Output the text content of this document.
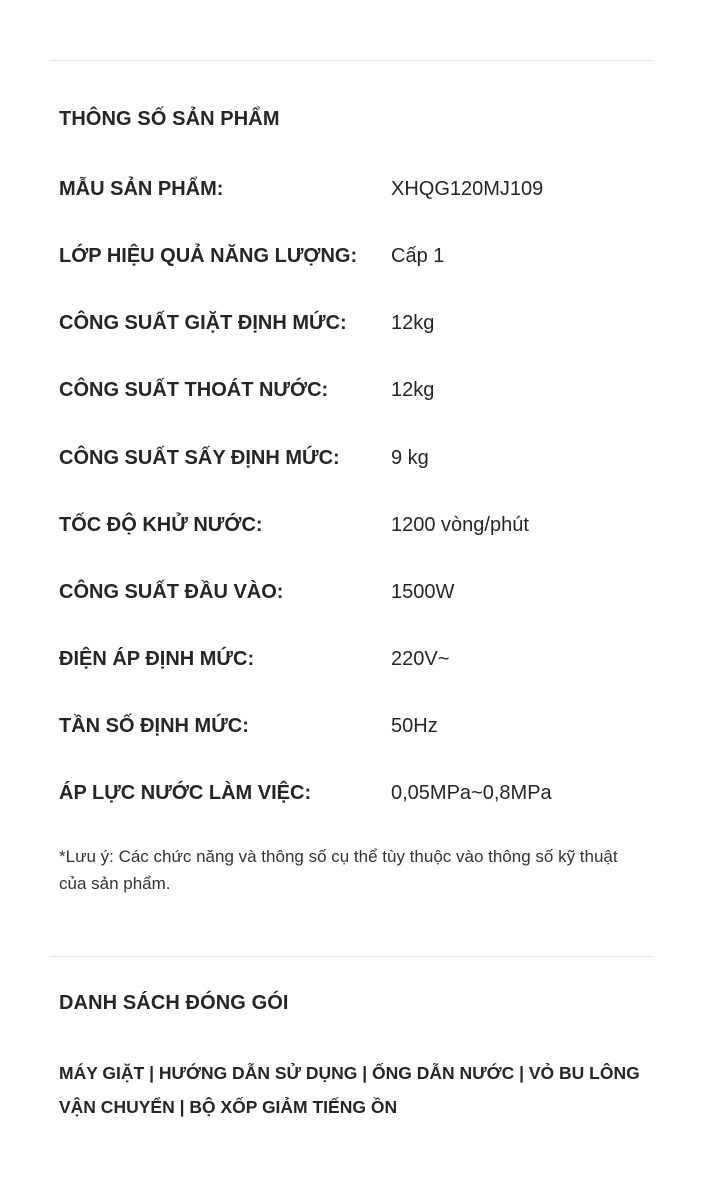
THÔNG SỐ SẢN PHẨM
MẪU SẢN PHẨM:	XHQG120MJ109
LỚP HIỆU QUẢ NĂNG LƯỢNG: Cấp 1
CÔNG SUẤT GIẶT ĐỊNH MỨC: 12kg
CÔNG SUẤT THOÁT NƯỚC:	12kg
CÔNG SUẤT SẤY ĐỊNH MỨC:	9 kg
TỐC ĐỘ KHỬ NƯỚC:	1200 vòng/phút
CÔNG SUẤT ĐẦU VÀO:	1500W
ĐIỆN ÁP ĐỊNH MỨC:	220V~
TẦN SỐ ĐỊNH MỨC:	50Hz
ÁP LỰC NƯỚC LÀM VIỆC:	0,05MPa~0,8MPa
*Lưu ý: Các chức năng và thông số cụ thể tùy thuộc vào thông số kỹ thuật của sản phẩm.
DANH SÁCH ĐÓNG GÓI
MÁY GIẶT | HƯỚNG DẪN SỬ DỤNG | ỐNG DẪN NƯỚC | VỎ BU LÔNG VẬN CHUYỂN | BỘ XỐP GIẢM TIẾNG ỒN
